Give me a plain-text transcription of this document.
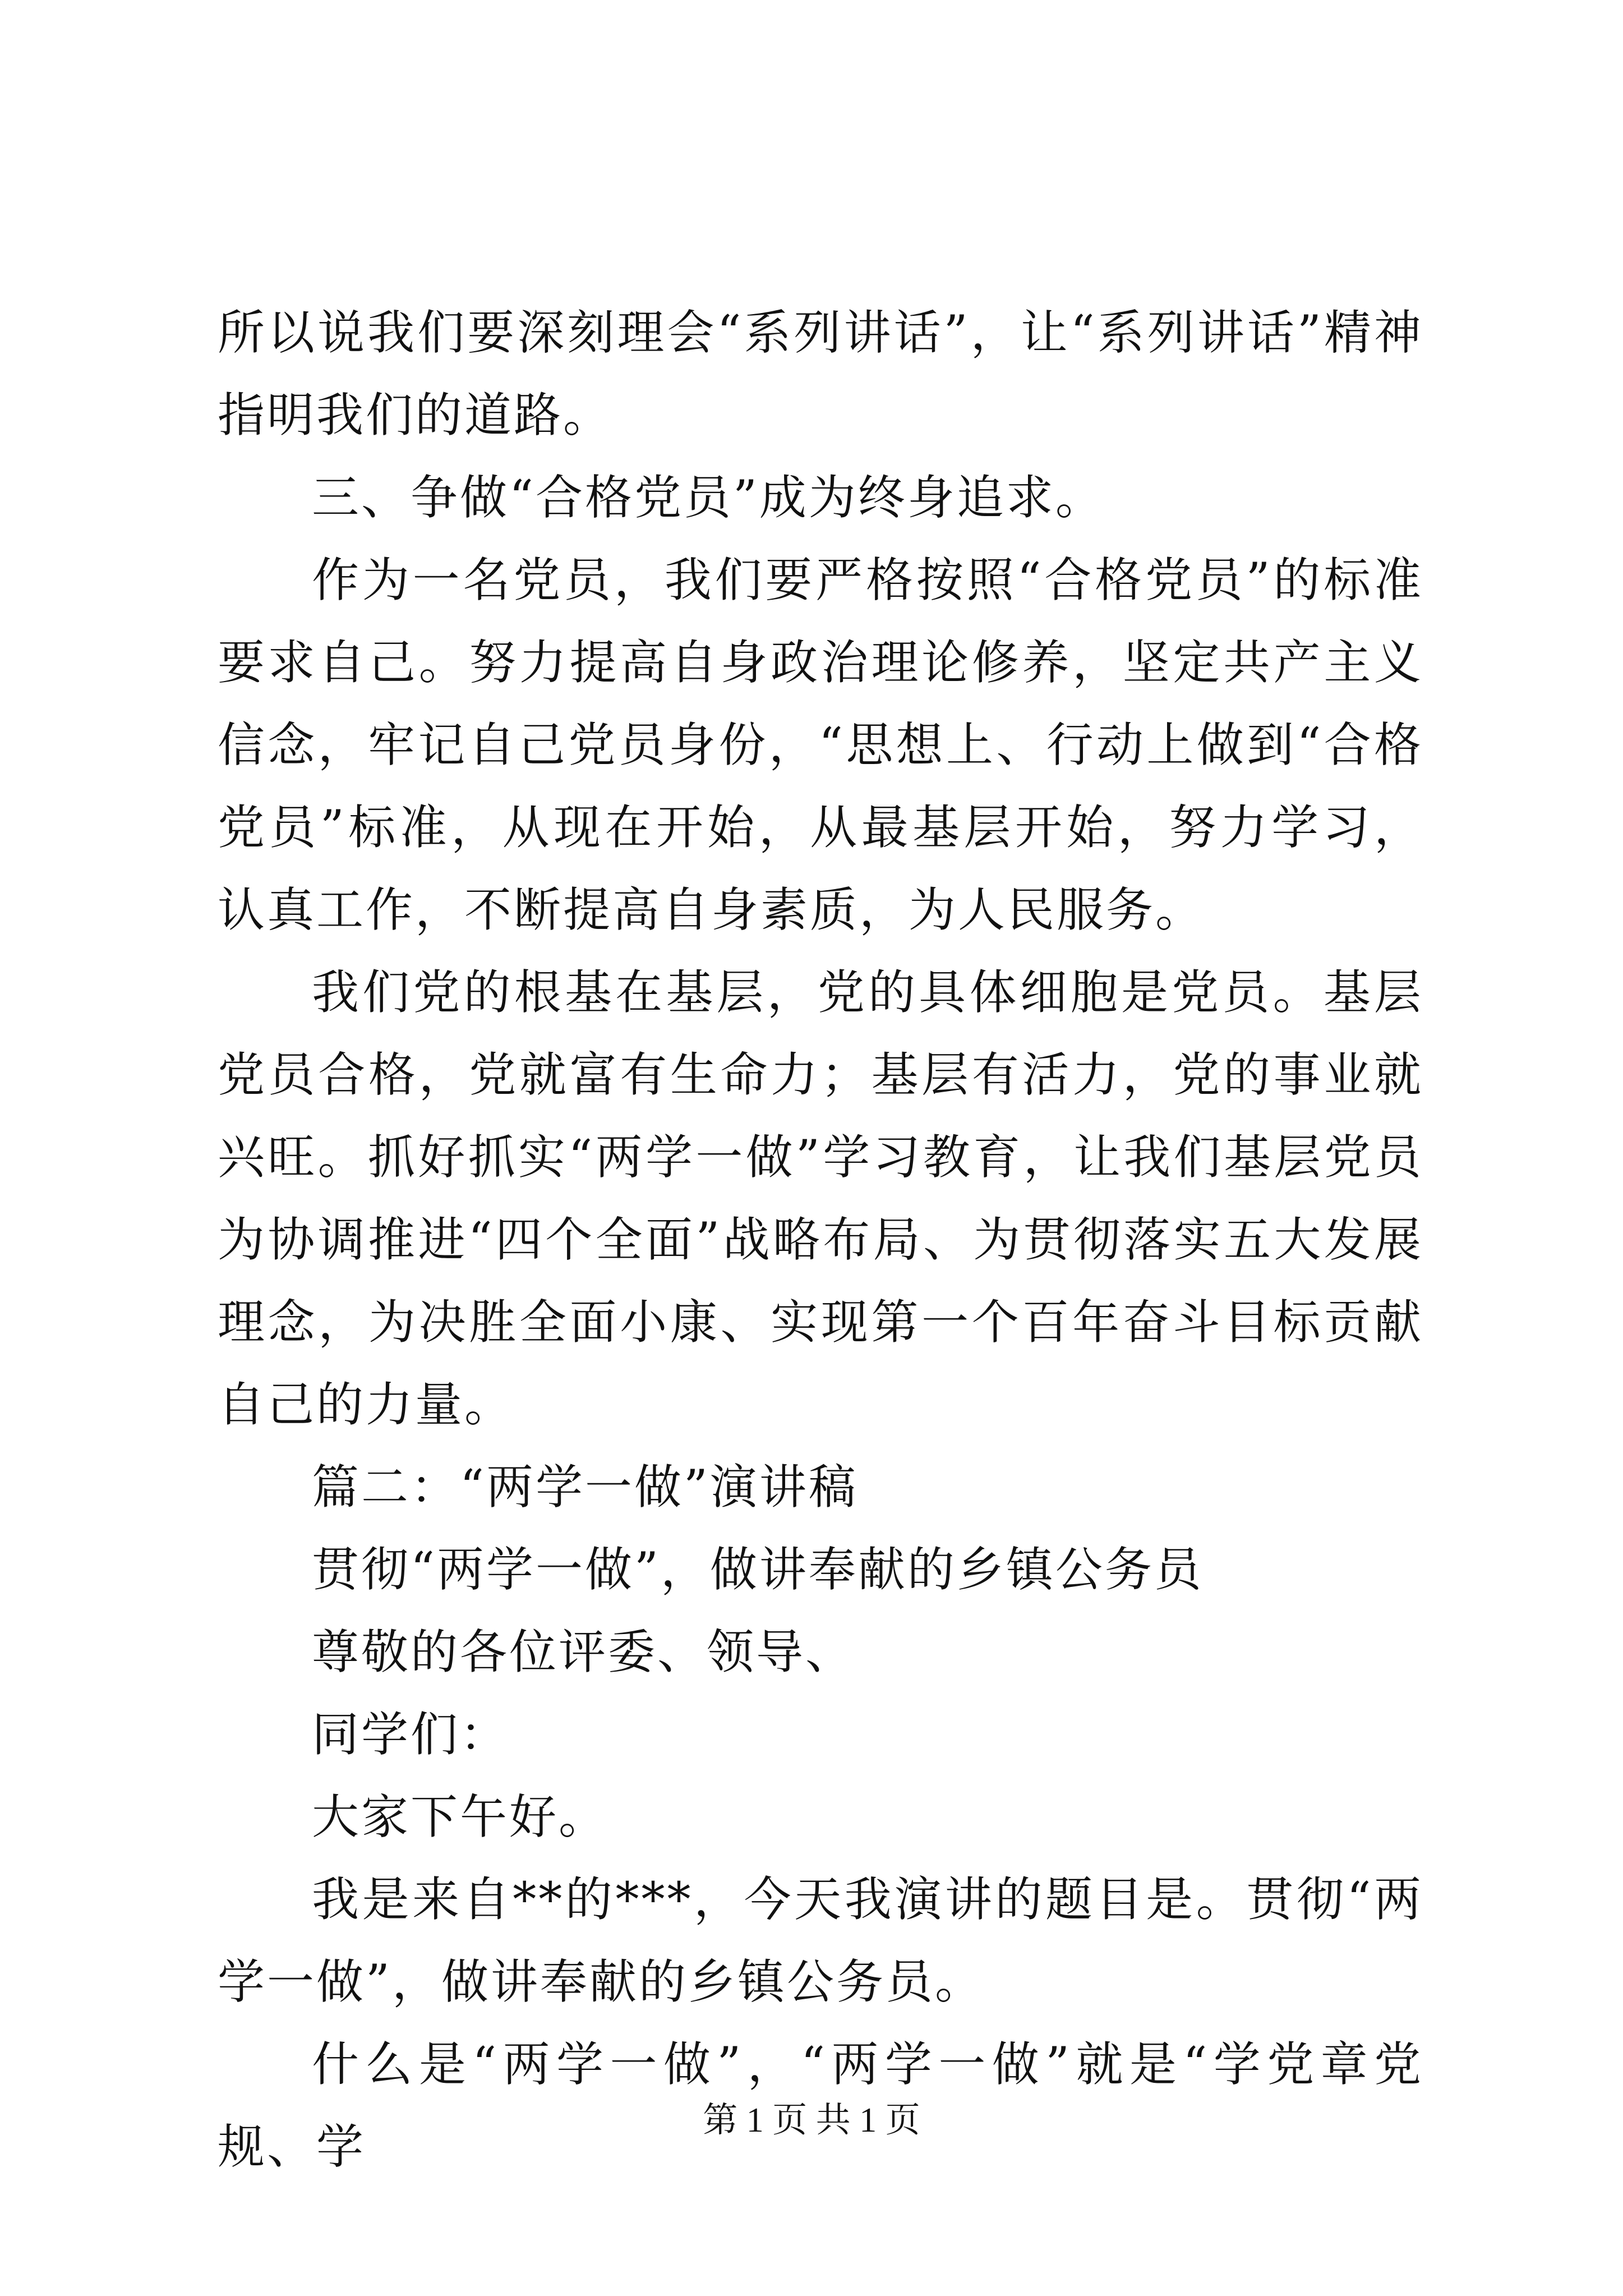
所以说我们要深刻理会“系列讲话”，让“系列讲话”精神指明我们的道路。

三、争做“合格党员”成为终身追求。

作为一名党员，我们要严格按照“合格党员”的标准要求自己。努力提高自身政治理论修养，坚定共产主义信念，牢记自己党员身份，“思想上、行动上做到“合格党员”标准，从现在开始，从最基层开始，努力学习，认真工作，不断提高自身素质，为人民服务。

我们党的根基在基层，党的具体细胞是党员。基层党员合格，党就富有生命力；基层有活力，党的事业就兴旺。抓好抓实“两学一做”学习教育，让我们基层党员为协调推进“四个全面”战略布局、为贯彻落实五大发展理念，为决胜全面小康、实现第一个百年奋斗目标贡献自己的力量。

篇二：“两学一做”演讲稿

贯彻“两学一做”，做讲奉献的乡镇公务员

尊敬的各位评委、领导、

同学们：

大家下午好。

我是来自**的***，今天我演讲的题目是。贯彻“两学一做”，做讲奉献的乡镇公务员。

什么是“两学一做”，“两学一做”就是“学党章党规、学	第 1 页 共 1 页
